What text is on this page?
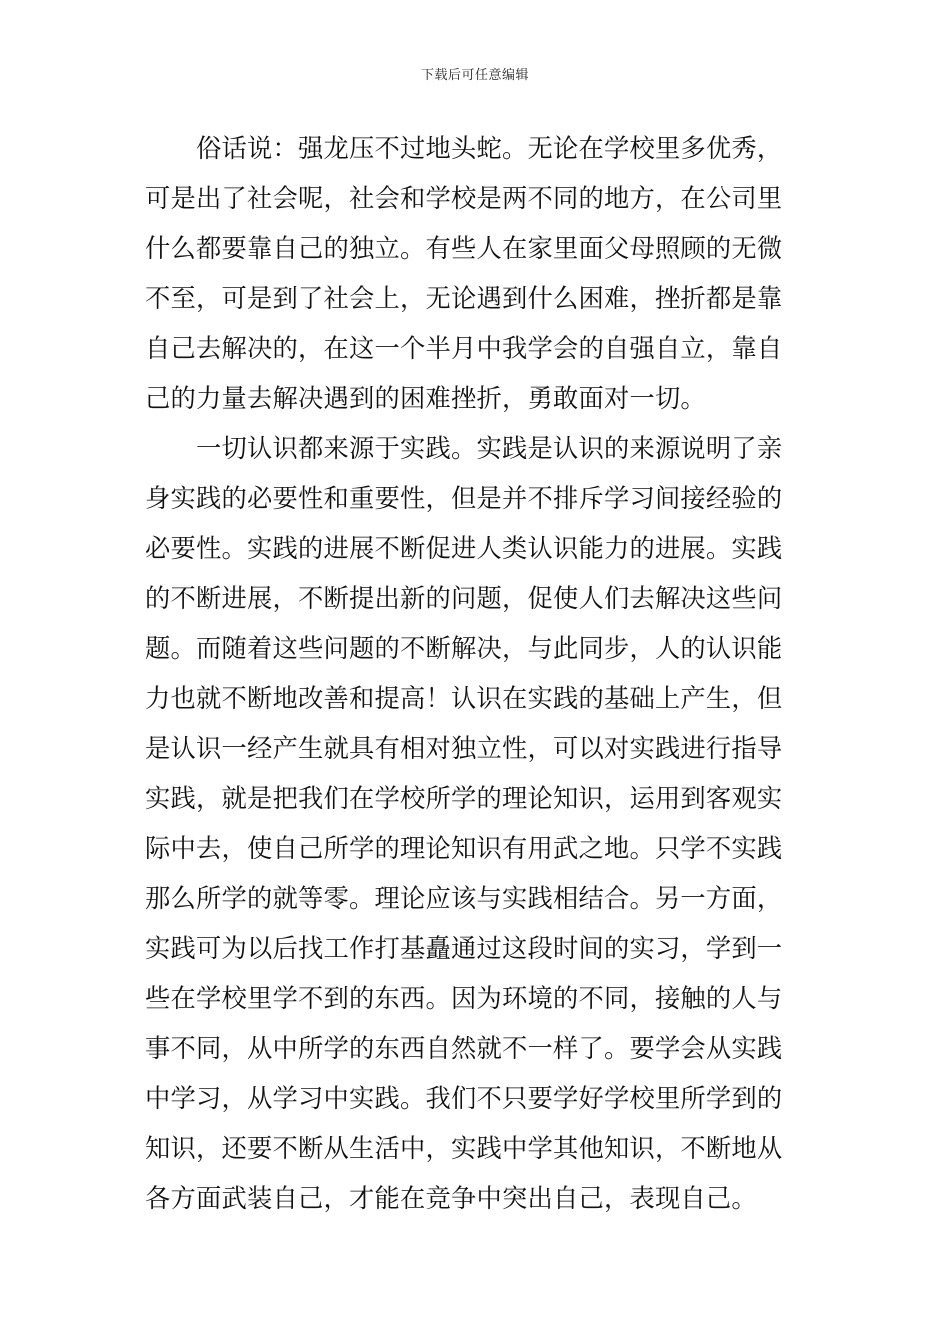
下载后可任意编辑
　　俗话说：强龙压不过地头蛇。无论在学校里多优秀，
可是出了社会呢，社会和学校是两不同的地方，在公司里
什么都要靠自己的独立。有些人在家里面父母照顾的无微
不至，可是到了社会上，无论遇到什么困难，挫折都是靠
自己去解决的，在这一个半月中我学会的自强自立，靠自
己的力量去解决遇到的困难挫折，勇敢面对一切。
　　一切认识都来源于实践。实践是认识的来源说明了亲
身实践的必要性和重要性，但是并不排斥学习间接经验的
必要性。实践的进展不断促进人类认识能力的进展。实践
的不断进展，不断提出新的问题，促使人们去解决这些问
题。而随着这些问题的不断解决，与此同步，人的认识能
力也就不断地改善和提高！认识在实践的基础上产生，但
是认识一经产生就具有相对独立性，可以对实践进行指导
实践，就是把我们在学校所学的理论知识，运用到客观实
际中去，使自己所学的理论知识有用武之地。只学不实践
那么所学的就等零。理论应该与实践相结合。另一方面，
实践可为以后找工作打基矗通过这段时间的实习，学到一
些在学校里学不到的东西。因为环境的不同，接触的人与
事不同，从中所学的东西自然就不一样了。要学会从实践
中学习，从学习中实践。我们不只要学好学校里所学到的
知识，还要不断从生活中，实践中学其他知识，不断地从
各方面武装自己，才能在竞争中突出自己，表现自己。
